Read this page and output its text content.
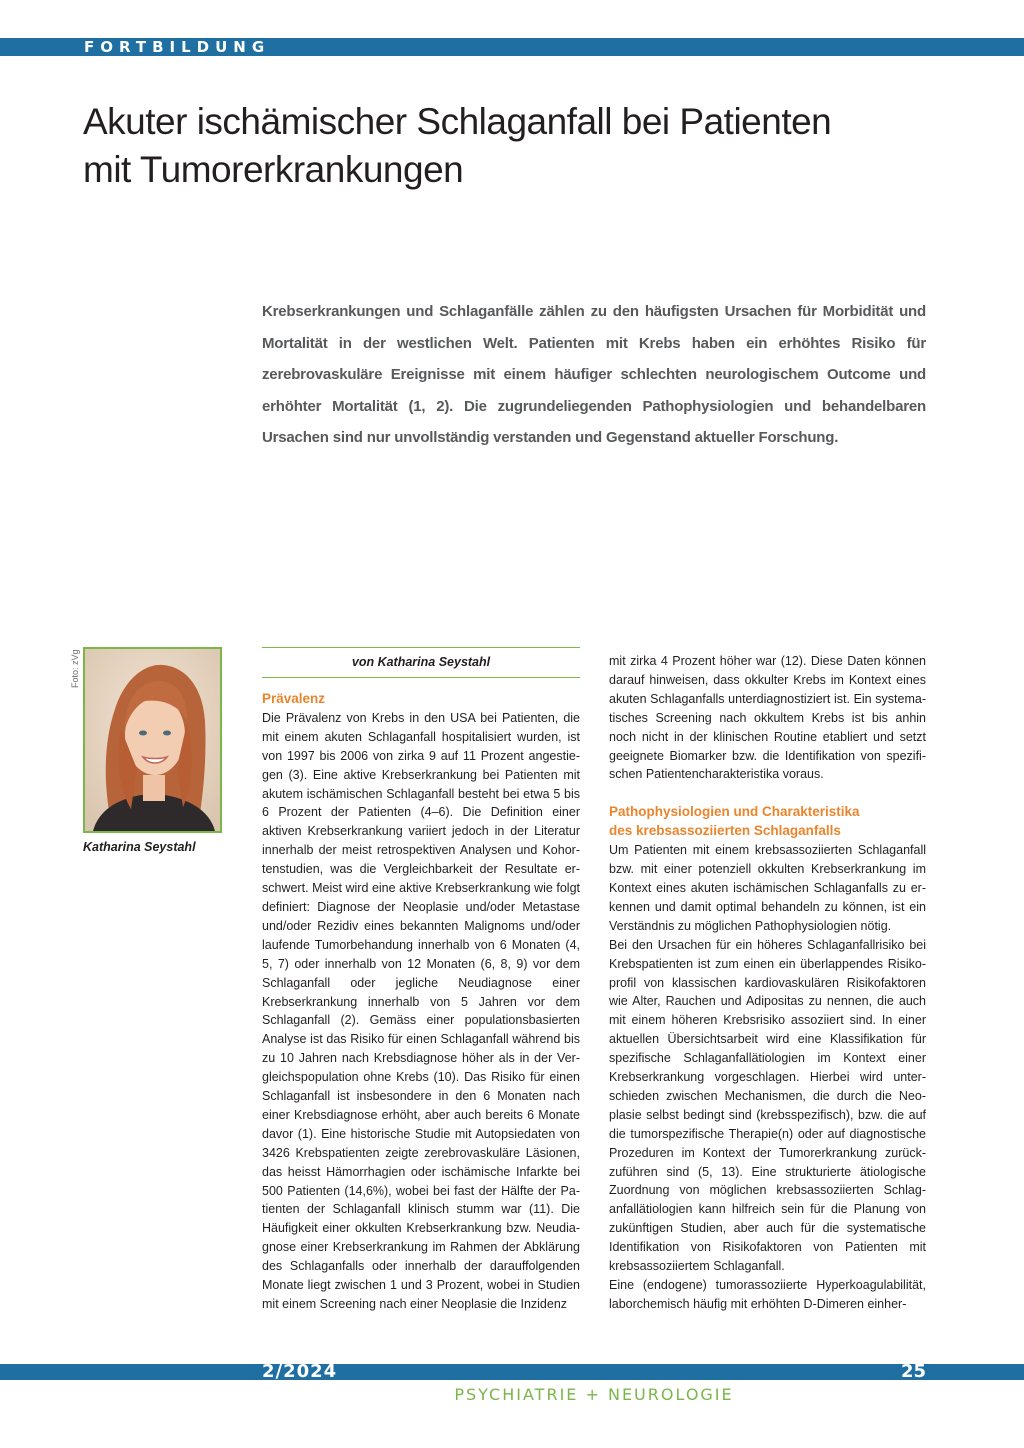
FORTBILDUNG

Akuter ischämischer Schlaganfall bei Patienten
mit Tumorerkrankungen

Krebserkrankungen und Schlaganfälle zählen zu den häufigsten Ursachen für Morbidität und Mortalität in der westlichen Welt. Patienten mit Krebs haben ein erhöhtes Risiko für zerebrovaskuläre Ereignisse mit einem häufiger schlechten neurologischem Outcome und erhöhter Mortalität (1, 2). Die zugrundeliegenden Pathophysiologien und behandelbaren Ursachen sind nur unvollständig verstanden und Gegenstand aktueller Forschung.

Foto: zVg

Katharina Seystahl

von Katharina Seystahl

Prävalenz

Die Prävalenz von Krebs in den USA bei Patienten, die mit einem akuten Schlaganfall hospitalisiert wurden, ist von 1997 bis 2006 von zirka 9 auf 11 Prozent angestiegen (3). Eine aktive Krebserkrankung bei Patienten mit akutem ischämischen Schlaganfall besteht bei etwa 5 bis 6 Prozent der Patienten (4–6). Die Definition einer aktiven Krebserkrankung variiert jedoch in der Literatur innerhalb der meist retrospektiven Analysen und Kohortenstudien, was die Vergleichbarkeit der Resultate erschwert. Meist wird eine aktive Krebserkrankung wie folgt definiert: Diagnose der Neoplasie und/oder Metastase und/oder Rezidiv eines bekannten Malignoms und/oder laufende Tumorbehandung innerhalb von 6 Monaten (4, 5, 7) oder innerhalb von 12 Monaten (6, 8, 9) vor dem Schlaganfall oder jegliche Neudiagnose einer Krebserkrankung innerhalb von 5 Jahren vor dem Schlaganfall (2). Gemäss einer populationsbasierten Analyse ist das Risiko für einen Schlaganfall während bis zu 10 Jahren nach Krebsdiagnose höher als in der Vergleichspopulation ohne Krebs (10). Das Risiko für einen Schlaganfall ist insbesondere in den 6 Monaten nach einer Krebsdiagnose erhöht, aber auch bereits 6 Monate davor (1). Eine historische Studie mit Autopsiedaten von 3426 Krebspatienten zeigte zerebrovaskuläre Läsionen, das heisst Hämorrhagien oder ischämische Infarkte bei 500 Patienten (14,6%), wobei bei fast der Hälfte der Patienten der Schlaganfall klinisch stumm war (11). Die Häufigkeit einer okkulten Krebserkrankung bzw. Neudiagnose einer Krebserkrankung im Rahmen der Abklärung des Schlaganfalls oder innerhalb der darauffolgenden Monate liegt zwischen 1 und 3 Prozent, wobei in Studien mit einem Screening nach einer Neoplasie die Inzidenz

mit zirka 4 Prozent höher war (12). Diese Daten können darauf hinweisen, dass okkulter Krebs im Kontext eines akuten Schlaganfalls unterdiagnostiziert ist. Ein systematisches Screening nach okkultem Krebs ist bis anhin noch nicht in der klinischen Routine etabliert und setzt geeignete Biomarker bzw. die Identifikation von spezifischen Patientencharakteristika voraus.

Pathophysiologien und Charakteristika
des krebsassoziierten Schlaganfalls

Um Patienten mit einem krebsassoziierten Schlaganfall bzw. mit einer potenziell okkulten Krebserkrankung im Kontext eines akuten ischämischen Schlaganfalls zu erkennen und damit optimal behandeln zu können, ist ein Verständnis zu möglichen Pathophysiologien nötig.

Bei den Ursachen für ein höheres Schlaganfallrisiko bei Krebspatienten ist zum einen ein überlappendes Risikoprofil von klassischen kardiovaskulären Risikofaktoren wie Alter, Rauchen und Adipositas zu nennen, die auch mit einem höheren Krebsrisiko assoziiert sind. In einer aktuellen Übersichtsarbeit wird eine Klassifikation für spezifische Schlaganfallätiologien im Kontext einer Krebserkrankung vorgeschlagen. Hierbei wird unterschieden zwischen Mechanismen, die durch die Neoplasie selbst bedingt sind (krebsspezifisch), bzw. die auf die tumorspezifische Therapie(n) oder auf diagnostische Prozeduren im Kontext der Tumorerkrankung zurückzuführen sind (5, 13). Eine strukturierte ätiologische Zuordnung von möglichen krebsassoziierten Schlaganfallätiologien kann hilfreich sein für die Planung von zukünftigen Studien, aber auch für die systematische Identifikation von Risikofaktoren von Patienten mit krebsassoziiertem Schlaganfall.

Eine (endogene) tumorassoziierte Hyperkoagulabilität, laborchemisch häufig mit erhöhten D-Dimeren einher-

2/2024	25

PSYCHIATRIE + NEUROLOGIE
